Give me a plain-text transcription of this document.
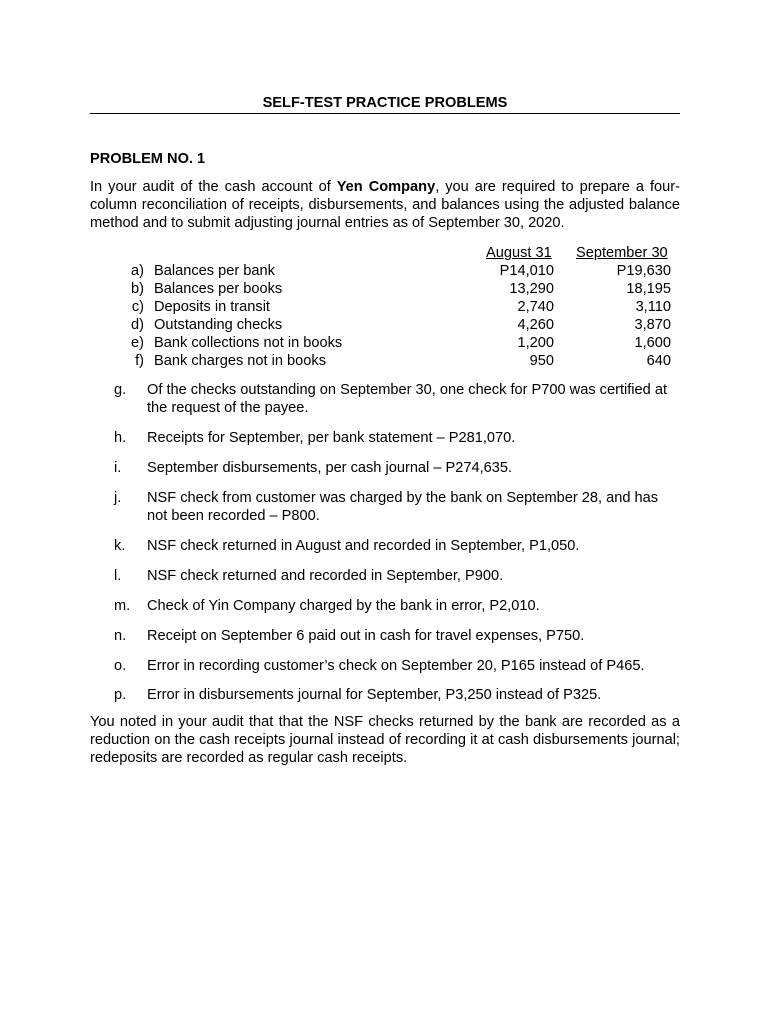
SELF-TEST PRACTICE PROBLEMS
PROBLEM NO. 1
In your audit of the cash account of Yen Company, you are required to prepare a four-column reconciliation of receipts, disbursements, and balances using the adjusted balance method and to submit adjusting journal entries as of September 30, 2020.
August 31 September 30
a) Balances per bank	P14,010	P19,630
b) Balances per books	13,290	18,195
c) Deposits in transit	2,740	3,110
d) Outstanding checks	4,260	3,870
e) Bank collections not in books	1,200	1,600
f) Bank charges not in books	950	640
g. Of the checks outstanding on September 30, one check for P700 was certified at the request of the payee.
h. Receipts for September, per bank statement – P281,070.
i. September disbursements, per cash journal – P274,635.
j. NSF check from customer was charged by the bank on September 28, and has not been recorded – P800.
k. NSF check returned in August and recorded in September, P1,050.
l. NSF check returned and recorded in September, P900.
m. Check of Yin Company charged by the bank in error, P2,010.
n. Receipt on September 6 paid out in cash for travel expenses, P750.
o. Error in recording customer’s check on September 20, P165 instead of P465.
p. Error in disbursements journal for September, P3,250 instead of P325.
You noted in your audit that that the NSF checks returned by the bank are recorded as a reduction on the cash receipts journal instead of recording it at cash disbursements journal; redeposits are recorded as regular cash receipts.
